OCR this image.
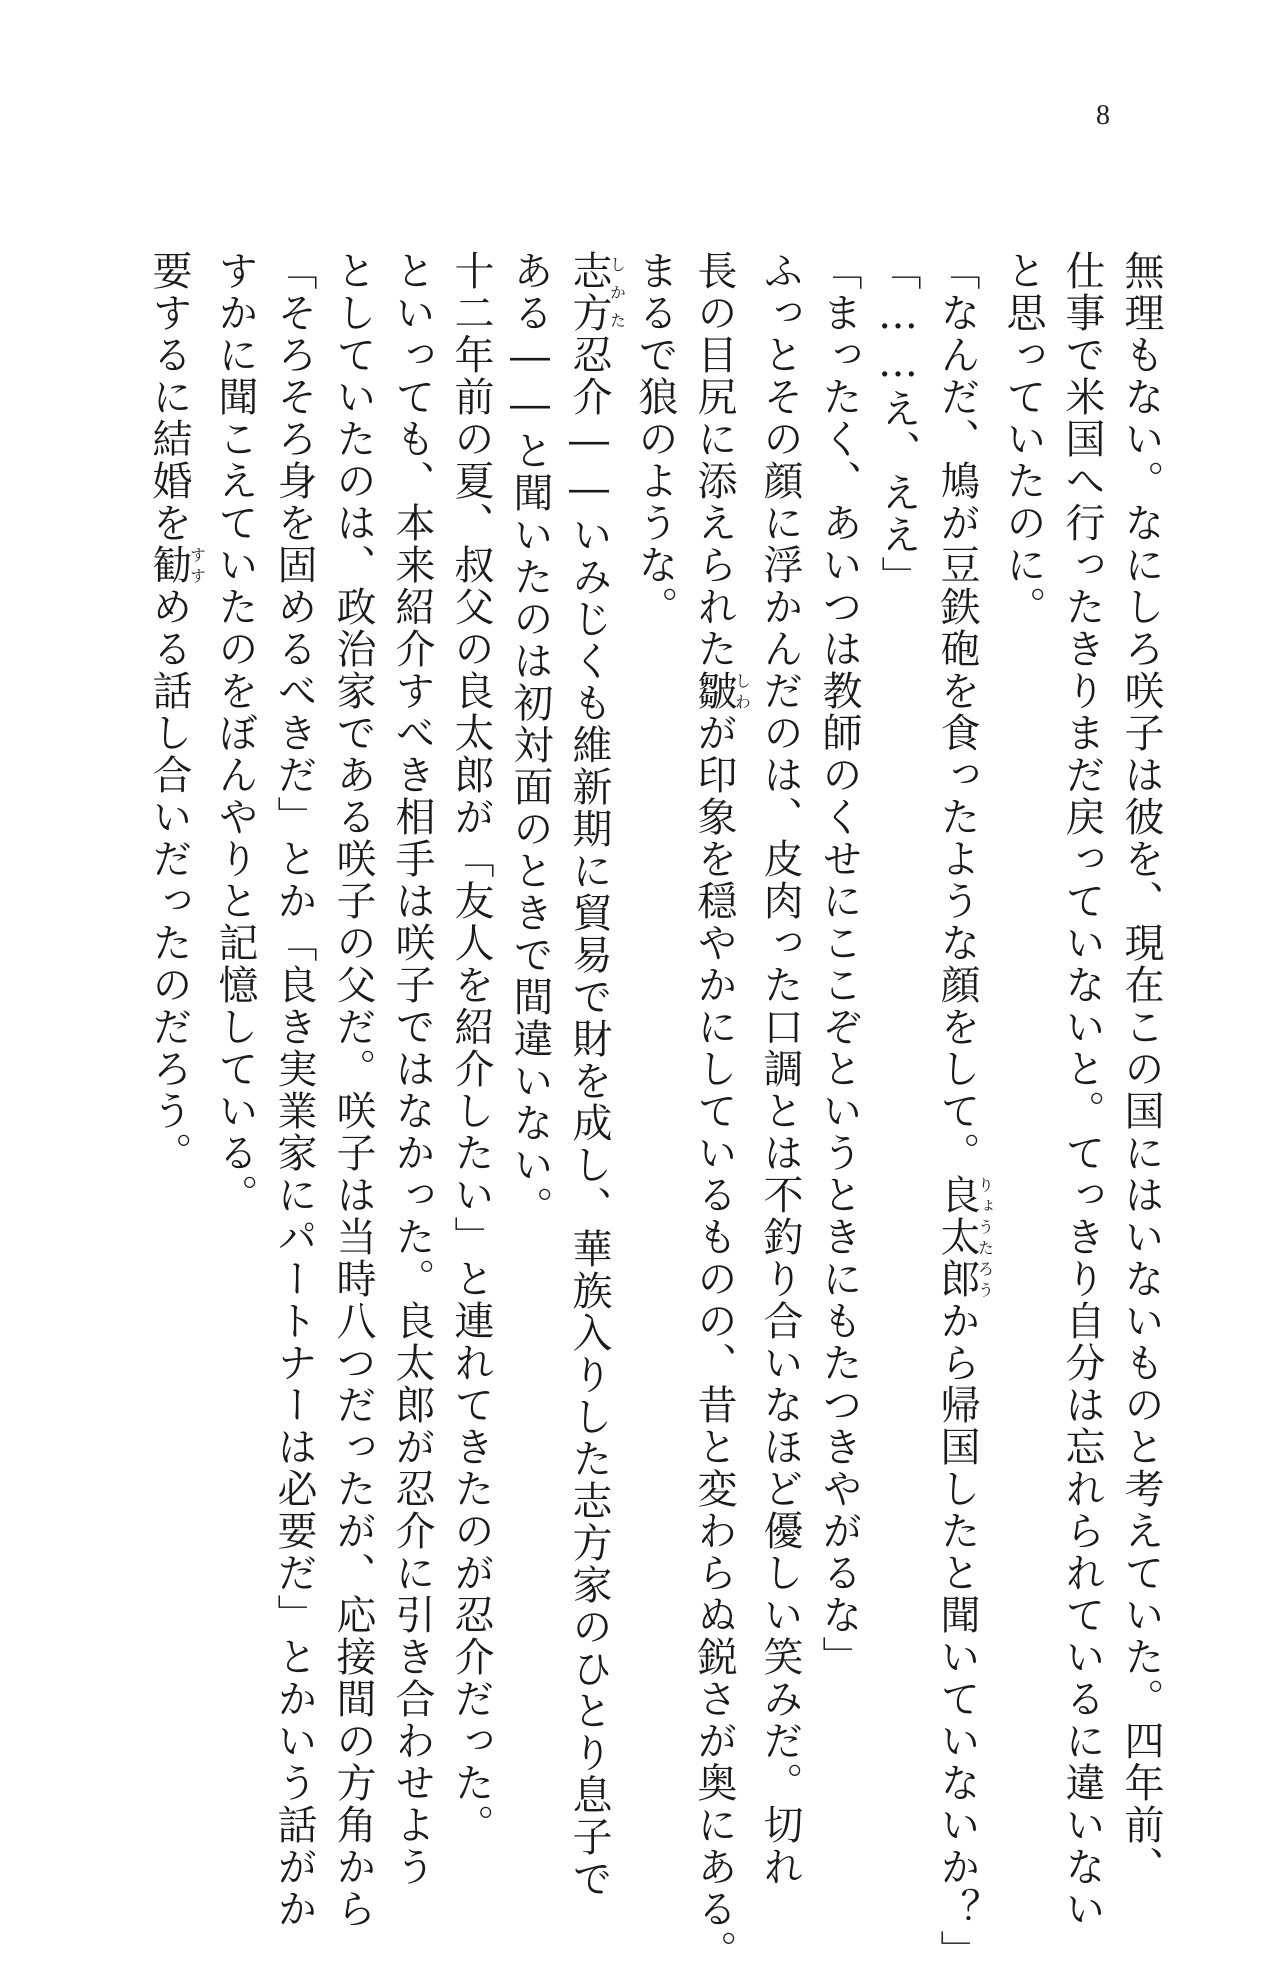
8
無理もない。なにしろ咲子は彼を、現在この国にはいないものと考えていた。四年前、
仕事で米国へ行ったきりまだ戻っていないと。てっきり自分は忘れられているに違いない
と思っていたのに。
「なんだ、鳩が豆鉄砲を食ったような顔をして。良太郎りょうたろうから帰国したと聞いていないか？」
「……え、ええ」
「まったく、あいつは教師のくせにここぞというときにもたつきやがるな」
ふっとその顔に浮かんだのは、皮肉った口調とは不釣り合いなほど優しい笑みだ。切れ
長の目尻に添えられた皺しわが印象を穏やかにしているものの、昔と変わらぬ鋭さが奥にある。
まるで狼のような。
志方しかた忍介――いみじくも維新期に貿易で財を成し、華族入りした志方家のひとり息子で
ある――と聞いたのは初対面のときで間違いない。
十二年前の夏、叔父の良太郎が「友人を紹介したい」と連れてきたのが忍介だった。
といっても、本来紹介すべき相手は咲子ではなかった。良太郎が忍介に引き合わせよう
としていたのは、政治家である咲子の父だ。咲子は当時八つだったが、応接間の方角から
「そろそろ身を固めるべきだ」とか「良き実業家にパートナーは必要だ」とかいう話がか
すかに聞こえていたのをぼんやりと記憶している。
要するに結婚を勧すすめる話し合いだったのだろう。
